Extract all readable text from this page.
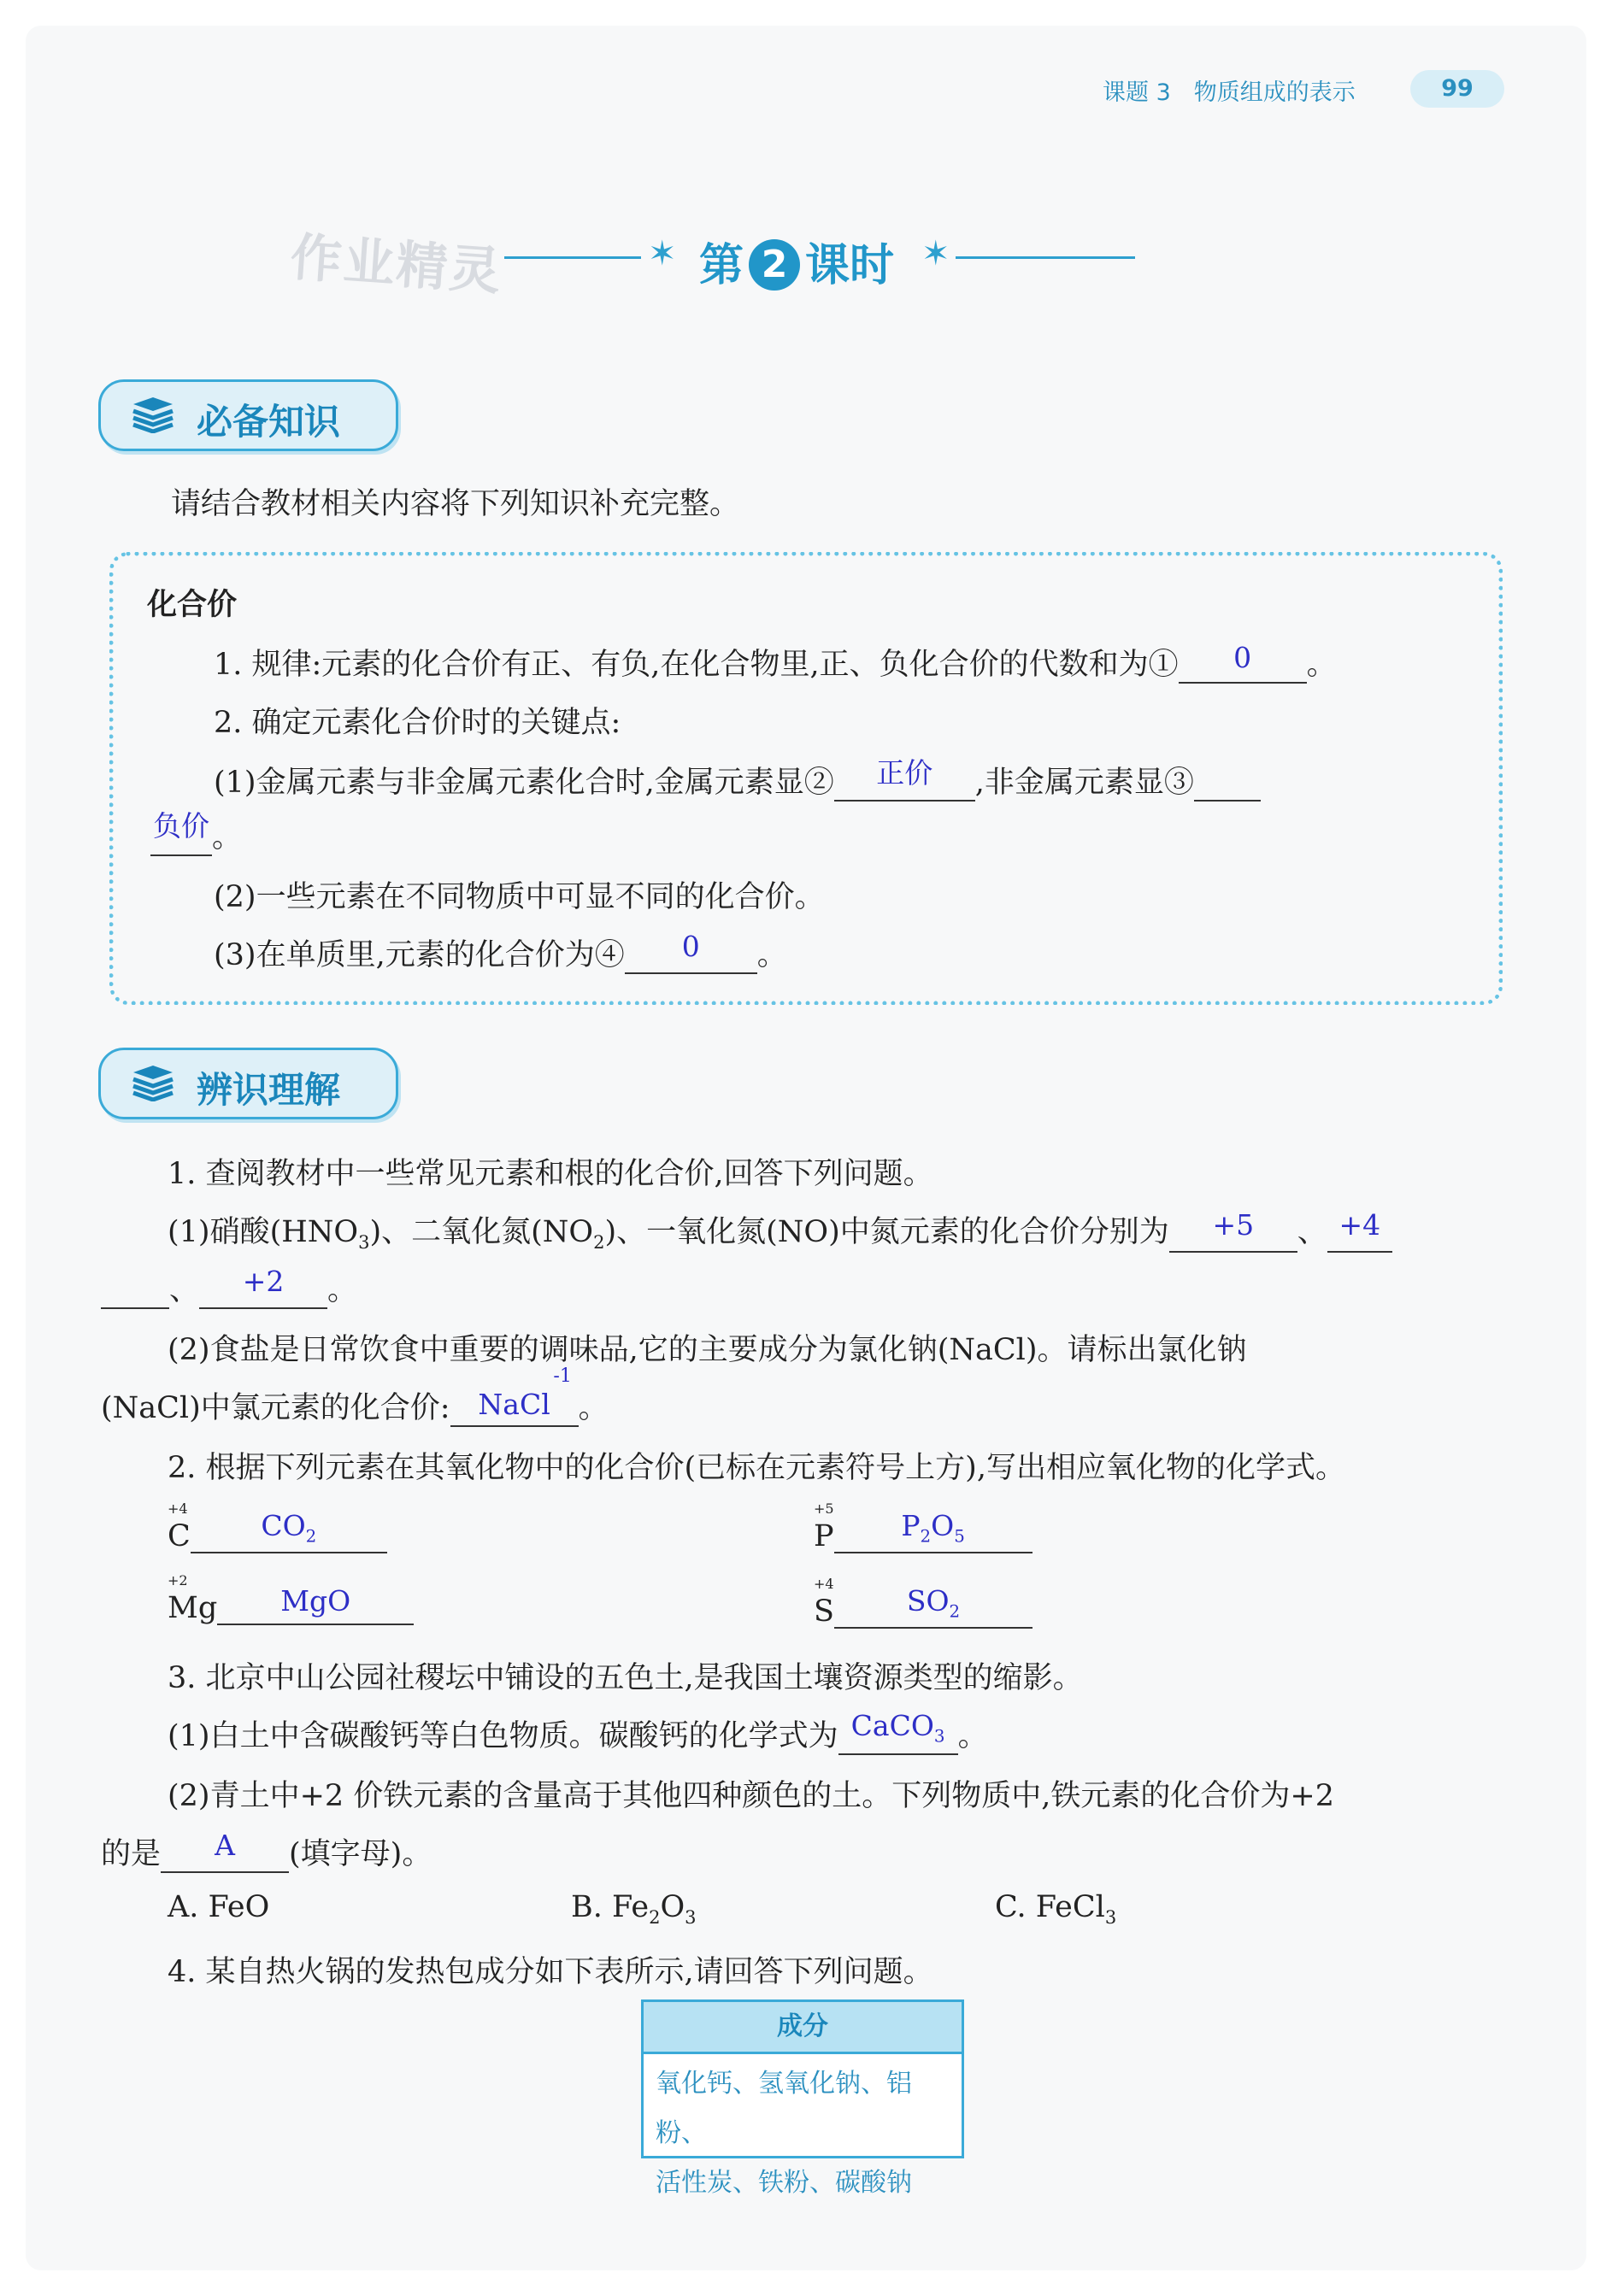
课题 3　物质组成的表示	99
作业精灵	✶ 第 2 课时 ✶
必备知识
请结合教材相关内容将下列知识补充完整。
化合价
1. 规律:元素的化合价有正、有负,在化合物里,正、负化合价的代数和为① 0 。
2. 确定元素化合价时的关键点:
(1)金属元素与非金属元素化合时,金属元素显② 正价 ,非金属元素显③
负价。
(2)一些元素在不同物质中可显不同的化合价。
(3)在单质里,元素的化合价为④ 0 。
辨识理解
1. 查阅教材中一些常见元素和根的化合价,回答下列问题。
(1)硝酸$(HNO_3)$、二氧化氮$(NO_2)$、一氧化氮(NO)中氮元素的化合价分别为 +5 、 +4
、 +2 。
(2)食盐是日常饮食中重要的调味品,它的主要成分为氯化钠(NaCl)。请标出氯化钠
(NaCl)中氯元素的化合价: NaCl
-1
。
2. 根据下列元素在其氧化物中的化合价(已标在元素符号上方),写出相应氧化物的化学式。
+4
C	$CO_2$
+5
P $P_2O_5$
+2
Mg MgO
+4
S	$SO_2$
3. 北京中山公园社稷坛中铺设的五色土,是我国土壤资源类型的缩影。
(1)白土中含碳酸钙等白色物质。碳酸钙的化学式为 CaCO$_3$ 。
(2)青土中+2 价铁元素的含量高于其他四种颜色的土。下列物质中,铁元素的化合价为+2
的是 A (填字母)。
A. FeO	B. $Fe_2O_3$	C. FeCl$_3$
4. 某自热火锅的发热包成分如下表所示,请回答下列问题。
成分
氧化钙、氢氧化钠、铝粉、
活性炭、铁粉、碳酸钠
